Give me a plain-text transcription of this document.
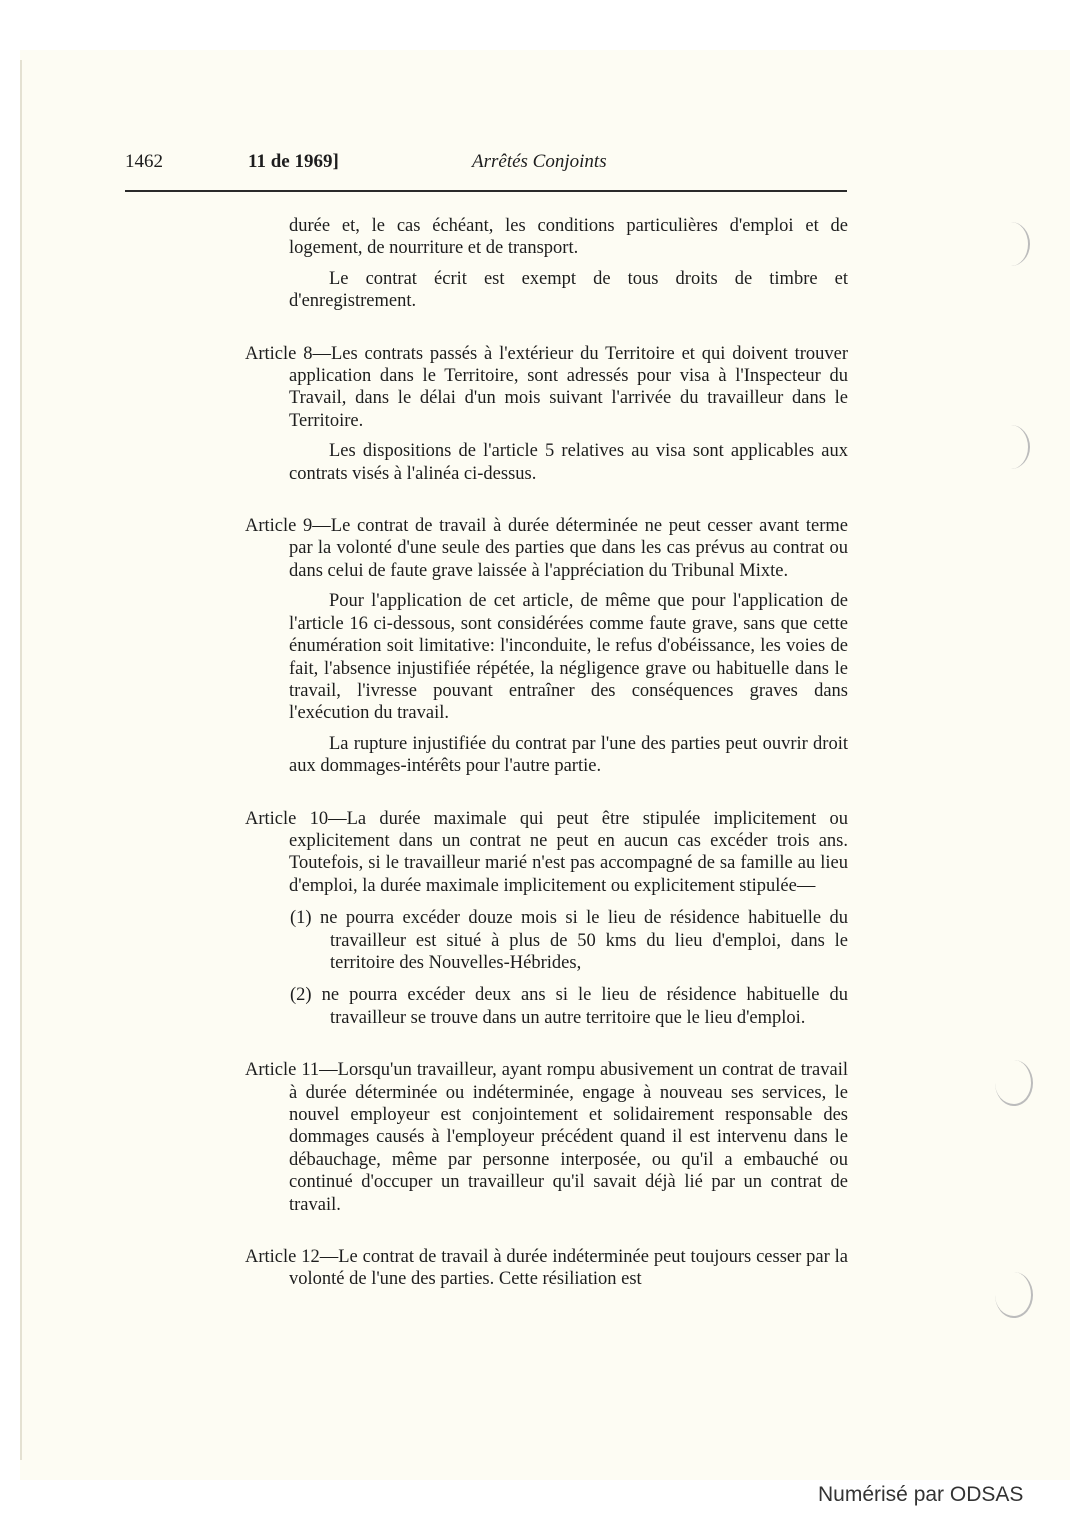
1462	11 de 1969]	Arrêtés Conjoints

durée et, le cas échéant, les conditions particulières d'emploi et de logement, de nourriture et de transport.

Le contrat écrit est exempt de tous droits de timbre et d'enregistrement.

Article 8—Les contrats passés à l'extérieur du Territoire et qui doivent trouver application dans le Territoire, sont adressés pour visa à l'Inspecteur du Travail, dans le délai d'un mois suivant l'arrivée du travailleur dans le Territoire.

Les dispositions de l'article 5 relatives au visa sont applicables aux contrats visés à l'alinéa ci-dessus.

Article 9—Le contrat de travail à durée déterminée ne peut cesser avant terme par la volonté d'une seule des parties que dans les cas prévus au contrat ou dans celui de faute grave laissée à l'appréciation du Tribunal Mixte.

Pour l'application de cet article, de même que pour l'application de l'article 16 ci-dessous, sont considérées comme faute grave, sans que cette énumération soit limitative: l'inconduite, le refus d'obéissance, les voies de fait, l'absence injustifiée répétée, la négligence grave ou habituelle dans le travail, l'ivresse pouvant entraîner des conséquences graves dans l'exécution du travail.

La rupture injustifiée du contrat par l'une des parties peut ouvrir droit aux dommages-intérêts pour l'autre partie.

Article 10—La durée maximale qui peut être stipulée implicitement ou explicitement dans un contrat ne peut en aucun cas excéder trois ans. Toutefois, si le travailleur marié n'est pas accompagné de sa famille au lieu d'emploi, la durée maximale implicitement ou explicitement stipulée—

(1) ne pourra excéder douze mois si le lieu de résidence habituelle du travailleur est situé à plus de 50 kms du lieu d'emploi, dans le territoire des Nouvelles-Hébrides,

(2) ne pourra excéder deux ans si le lieu de résidence habituelle du travailleur se trouve dans un autre territoire que le lieu d'emploi.

Article 11—Lorsqu'un travailleur, ayant rompu abusivement un contrat de travail à durée déterminée ou indéterminée, engage à nouveau ses services, le nouvel employeur est conjointement et solidairement responsable des dommages causés à l'employeur précédent quand il est intervenu dans le débauchage, même par personne interposée, ou qu'il a embauché ou continué d'occuper un travailleur qu'il savait déjà lié par un contrat de travail.

Article 12—Le contrat de travail à durée indéterminée peut toujours cesser par la volonté de l'une des parties. Cette résiliation est

Numérisé par ODSAS
